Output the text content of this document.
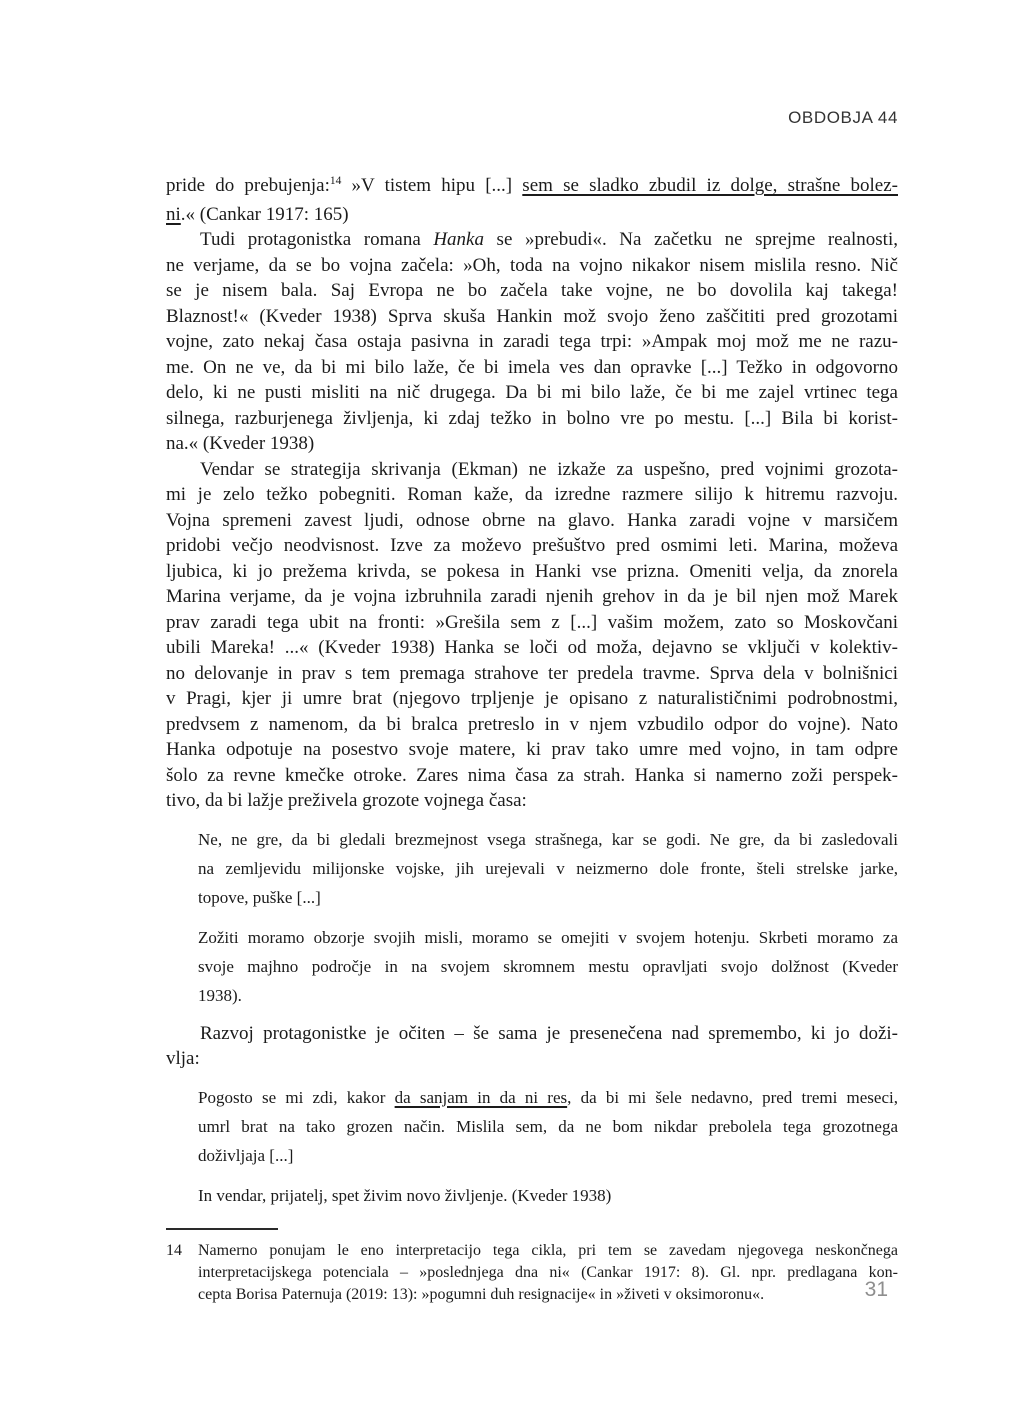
OBDOBJA 44
pride do prebujenja:$^{14}$ »V tistem hipu [...] sem se sladko zbudil iz dolge, strašne bolez-
ni.« (Cankar 1917: 165)
Tudi protagonistka romana Hanka se »prebudi«. Na začetku ne sprejme realnosti,
ne verjame, da se bo vojna začela: »Oh, toda na vojno nikakor nisem mislila resno. Nič
se je nisem bala. Saj Evropa ne bo začela take vojne, ne bo dovolila kaj takega!
Blaznost!« (Kveder 1938) Sprva skuša Hankin mož svojo ženo zaščititi pred grozotami
vojne, zato nekaj časa ostaja pasivna in zaradi tega trpi: »Ampak moj mož me ne razu-
me. On ne ve, da bi mi bilo laže, če bi imela ves dan opravke [...] Težko in odgovorno
delo, ki ne pusti misliti na nič drugega. Da bi mi bilo laže, če bi me zajel vrtinec tega
silnega, razburjenega življenja, ki zdaj težko in bolno vre po mestu. [...] Bila bi korist-
na.« (Kveder 1938)
Vendar se strategija skrivanja (Ekman) ne izkaže za uspešno, pred vojnimi grozota-
mi je zelo težko pobegniti. Roman kaže, da izredne razmere silijo k hitremu razvoju.
Vojna spremeni zavest ljudi, odnose obrne na glavo. Hanka zaradi vojne v marsičem
pridobi večjo neodvisnost. Izve za moževo prešuštvo pred osmimi leti. Marina, moževa
ljubica, ki jo prežema krivda, se pokesa in Hanki vse prizna. Omeniti velja, da znorela
Marina verjame, da je vojna izbruhnila zaradi njenih grehov in da je bil njen mož Marek
prav zaradi tega ubit na fronti: »Grešila sem z [...] vašim možem, zato so Moskovčani
ubili Mareka! ...« (Kveder 1938) Hanka se loči od moža, dejavno se vključi v kolektiv-
no delovanje in prav s tem premaga strahove ter predela travme. Sprva dela v bolnišnici
v Pragi, kjer ji umre brat (njegovo trpljenje je opisano z naturalističnimi podrobnostmi,
predvsem z namenom, da bi bralca pretreslo in v njem vzbudilo odpor do vojne). Nato
Hanka odpotuje na posestvo svoje matere, ki prav tako umre med vojno, in tam odpre
šolo za revne kmečke otroke. Zares nima časa za strah. Hanka si namerno zoži perspek-
tivo, da bi lažje preživela grozote vojnega časa:
Ne, ne gre, da bi gledali brezmejnost vsega strašnega, kar se godi. Ne gre, da bi zasledovali
na zemljevidu milijonske vojske, jih urejevali v neizmerno dole fronte, šteli strelske jarke,
topove, puške [...]
Zožiti moramo obzorje svojih misli, moramo se omejiti v svojem hotenju. Skrbeti moramo za
svoje majhno področje in na svojem skromnem mestu opravljati svojo dolžnost (Kveder
1938).
Razvoj protagonistke je očiten – še sama je presenečena nad spremembo, ki jo doži-
vlja:
Pogosto se mi zdi, kakor da sanjam in da ni res, da bi mi šele nedavno, pred tremi meseci,
umrl brat na tako grozen način. Mislila sem, da ne bom nikdar prebolela tega grozotnega
doživljaja [...]
In vendar, prijatelj, spet živim novo življenje. (Kveder 1938)
14	Namerno ponujam le eno interpretacijo tega cikla, pri tem se zavedam njegovega neskončnega
interpretacijskega potenciala – »poslednjega dna ni« (Cankar 1917: 8). Gl. npr. predlagana kon-
cepta Borisa Paternuja (2019: 13): »pogumni duh resignacije« in »živeti v oksimoronu«.	31
